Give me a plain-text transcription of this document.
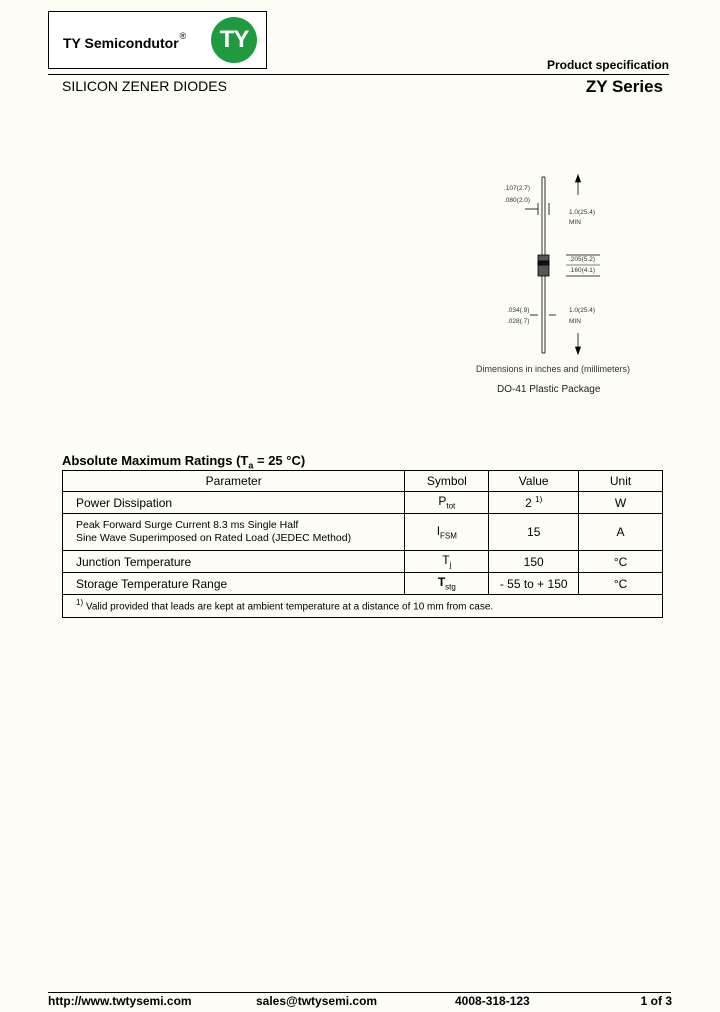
TY Semicondutor®	TY
Product specification
SILICON ZENER DIODES	ZY Series
.107(2.7)
.080(2.0)
1.0(25.4)
MIN
.205(5.2)
.160(4.1)
.034(.9)
.028(.7)
1.0(25.4)
MIN
Dimensions in inches and (millimeters)
DO-41 Plastic Package
Absolute Maximum Ratings ($T_a = 25$ °C)
Parameter	Symbol	Value	Unit
Power Dissipation	$P_{tot}$	2 $^{1)}$	W

Peak Forward Surge Current 8.3 ms Single Half
Sine Wave Superimposed on Rated Load (JEDEC Method)	$I_{FSM}$	15	A
Junction Temperature	$T_j$	150	°C
Storage Temperature Range	$T_{stg}$	- 55 to + 150	°C
$^{1)}$ Valid provided that leads are kept at ambient temperature at a distance of 10 mm from case.			
http://www.twtysemi.com	sales@twtysemi.com	4008-318-123	1 of 3
